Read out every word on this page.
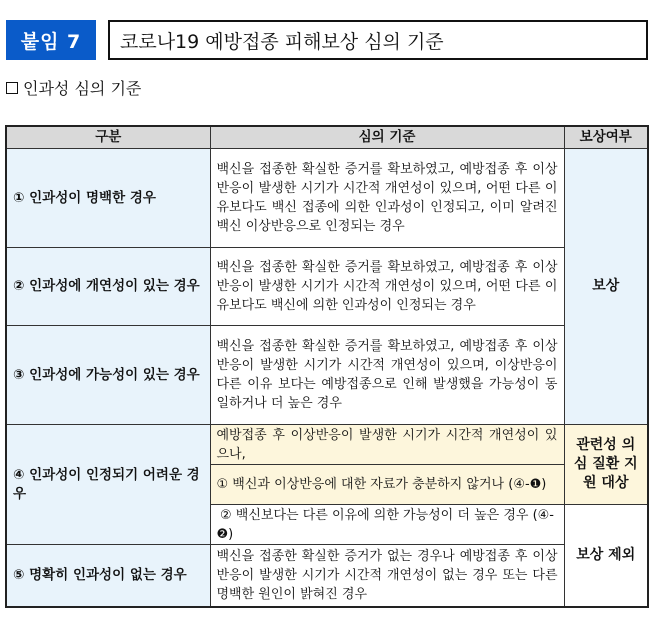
붙임 7	코로나19 예방접종 피해보상 심의 기준
인과성 심의 기준
구분	심의 기준	보상여부
① 인과성이 명백한 경우	백신을 접종한 확실한 증거를 확보하였고, 예방접종 후 이상반응이 발생한 시기가 시간적 개연성이 있으며, 어떤 다른 이유보다도 백신 접종에 의한 인과성이 인정되고, 이미 알려진 백신 이상반응으로 인정되는 경우	보상
② 인과성에 개연성이 있는 경우	백신을 접종한 확실한 증거를 확보하였고, 예방접종 후 이상반응이 발생한 시기가 시간적 개연성이 있으며, 어떤 다른 이유보다도 백신에 의한 인과성이 인정되는 경우	
③ 인과성에 가능성이 있는 경우	백신을 접종한 확실한 증거를 확보하였고, 예방접종 후 이상반응이 발생한 시기가 시간적 개연성이 있으며, 이상반응이 다른 이유 보다는 예방접종으로 인해 발생했을 가능성이 동일하거나 더 높은 경우	
④ 인과성이 인정되기 어려운 경우	예방접종 후 이상반응이 발생한 시기가 시간적 개연성이 있으나,	관련성 의심 질환 지원 대상
	① 백신과 이상반응에 대한 자료가 충분하지 않거나 (④-❶)	
	② 백신보다는 다른 이유에 의한 가능성이 더 높은 경우 (④-❷)	보상 제외
⑤ 명확히 인과성이 없는 경우	백신을 접종한 확실한 증거가 없는 경우나 예방접종 후 이상반응이 발생한 시기가 시간적 개연성이 없는 경우 또는 다른 명백한 원인이 밝혀진 경우	
